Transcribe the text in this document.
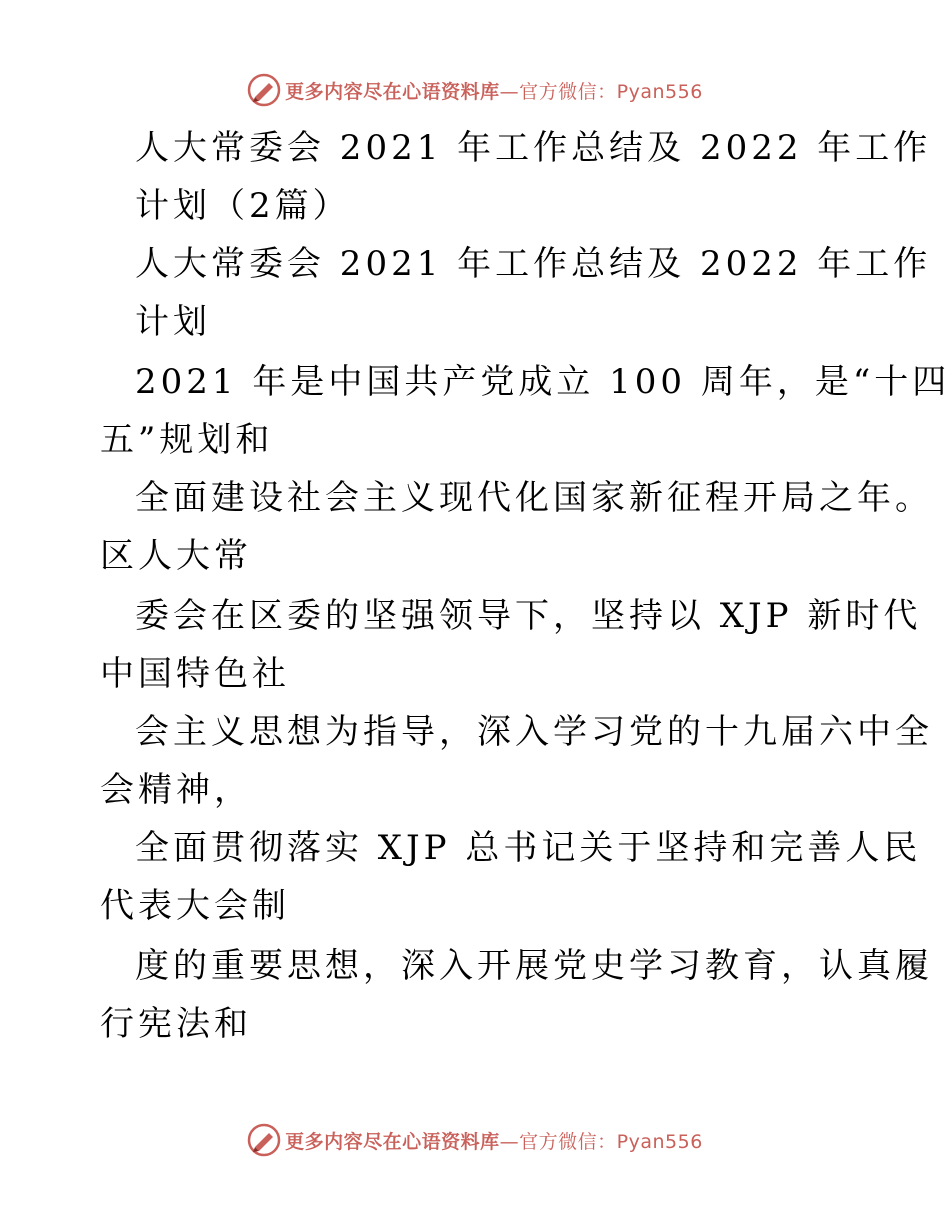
更多内容尽在心语资料库—官方微信：Pyan556
人大常委会 2021 年工作总结及 2022 年工作
计划（2篇）
人大常委会 2021 年工作总结及 2022 年工作
计划
2021 年是中国共产党成立 100 周年，是“十四
五”规划和
全面建设社会主义现代化国家新征程开局之年。
区人大常
委会在区委的坚强领导下，坚持以 XJP 新时代
中国特色社
会主义思想为指导，深入学习党的十九届六中全
会精神，
全面贯彻落实 XJP 总书记关于坚持和完善人民
代表大会制
度的重要思想，深入开展党史学习教育，认真履
行宪法和
更多内容尽在心语资料库—官方微信：Pyan556
